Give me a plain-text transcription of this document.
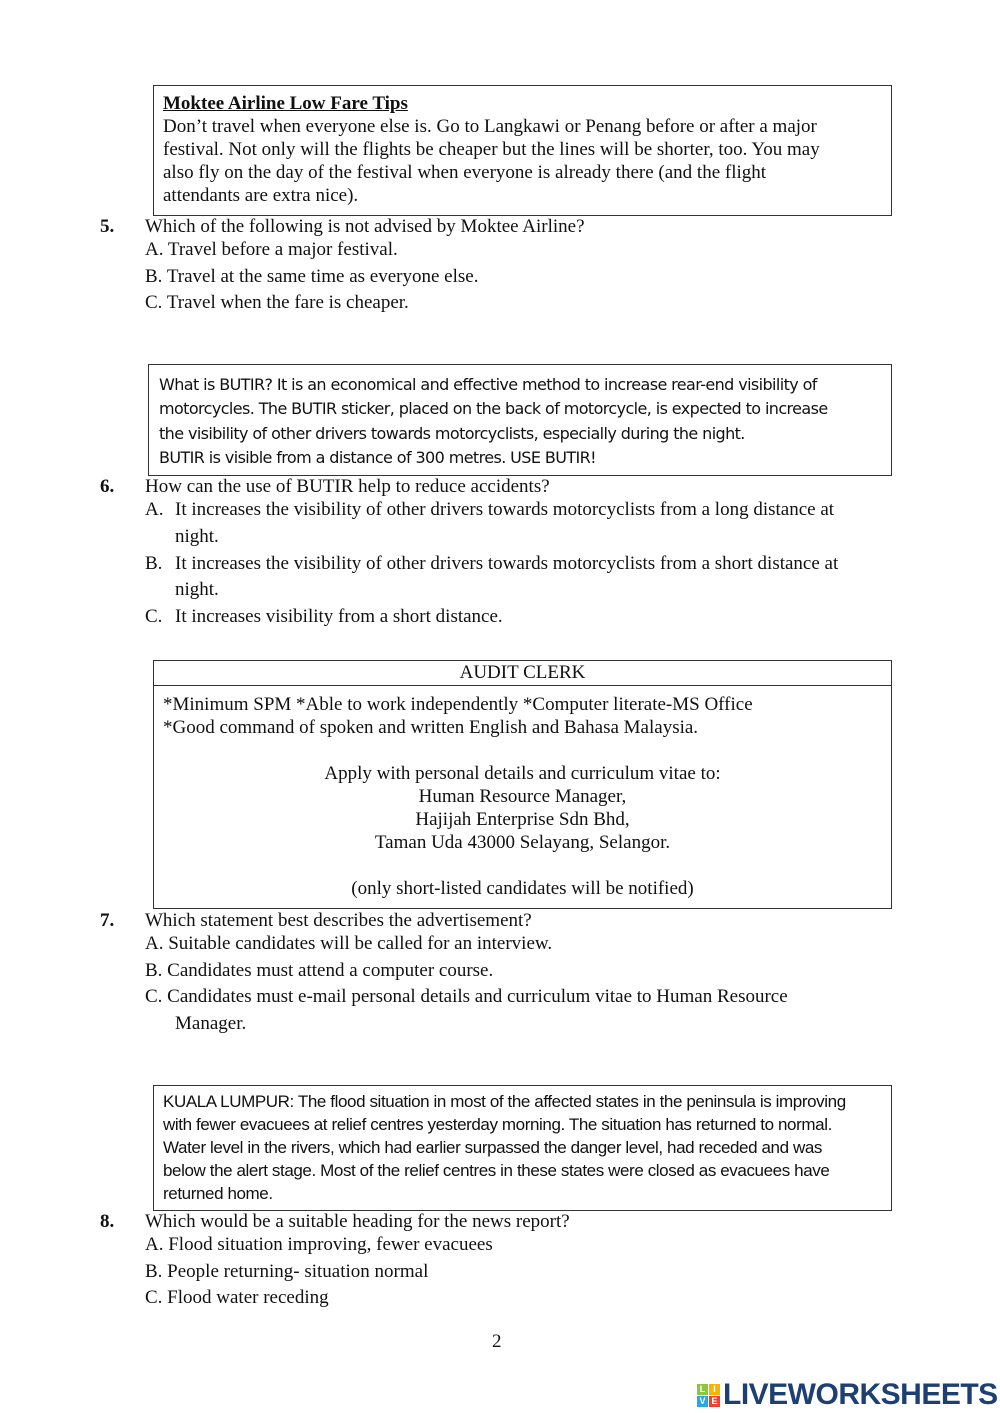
Moktee Airline Low Fare Tips
Don’t travel when everyone else is. Go to Langkawi or Penang before or after a major
festival. Not only will the flights be cheaper but the lines will be shorter, too. You may
also fly on the day of the festival when everyone is already there (and the flight
attendants are extra nice).
5. Which of the following is not advised by Moktee Airline?
A. Travel before a major festival.
B. Travel at the same time as everyone else.
C. Travel when the fare is cheaper.
What is BUTIR? It is an economical and effective method to increase rear-end visibility of
motorcycles. The BUTIR sticker, placed on the back of motorcycle, is expected to increase
the visibility of other drivers towards motorcyclists, especially during the night.
BUTIR is visible from a distance of 300 metres. USE BUTIR!
6. How can the use of BUTIR help to reduce accidents?
A. It increases the visibility of other drivers towards motorcyclists from a long distance at
night.
B. It increases the visibility of other drivers towards motorcyclists from a short distance at
night.
C. It increases visibility from a short distance.
AUDIT CLERK
*Minimum SPM *Able to work independently *Computer literate-MS Office
*Good command of spoken and written English and Bahasa Malaysia.
Apply with personal details and curriculum vitae to:
Human Resource Manager,
Hajijah Enterprise Sdn Bhd,
Taman Uda 43000 Selayang, Selangor.
(only short-listed candidates will be notified)
7. Which statement best describes the advertisement?
A. Suitable candidates will be called for an interview.
B. Candidates must attend a computer course.
C. Candidates must e-mail personal details and curriculum vitae to Human Resource
Manager.
KUALA LUMPUR: The flood situation in most of the affected states in the peninsula is improving
with fewer evacuees at relief centres yesterday morning. The situation has returned to normal.
Water level in the rivers, which had earlier surpassed the danger level, had receded and was
below the alert stage. Most of the relief centres in these states were closed as evacuees have
returned home.
8. Which would be a suitable heading for the news report?
A. Flood situation improving, fewer evacuees
B. People returning- situation normal
C. Flood water receding
2
L I
V E LIVEWORKSHEETS
